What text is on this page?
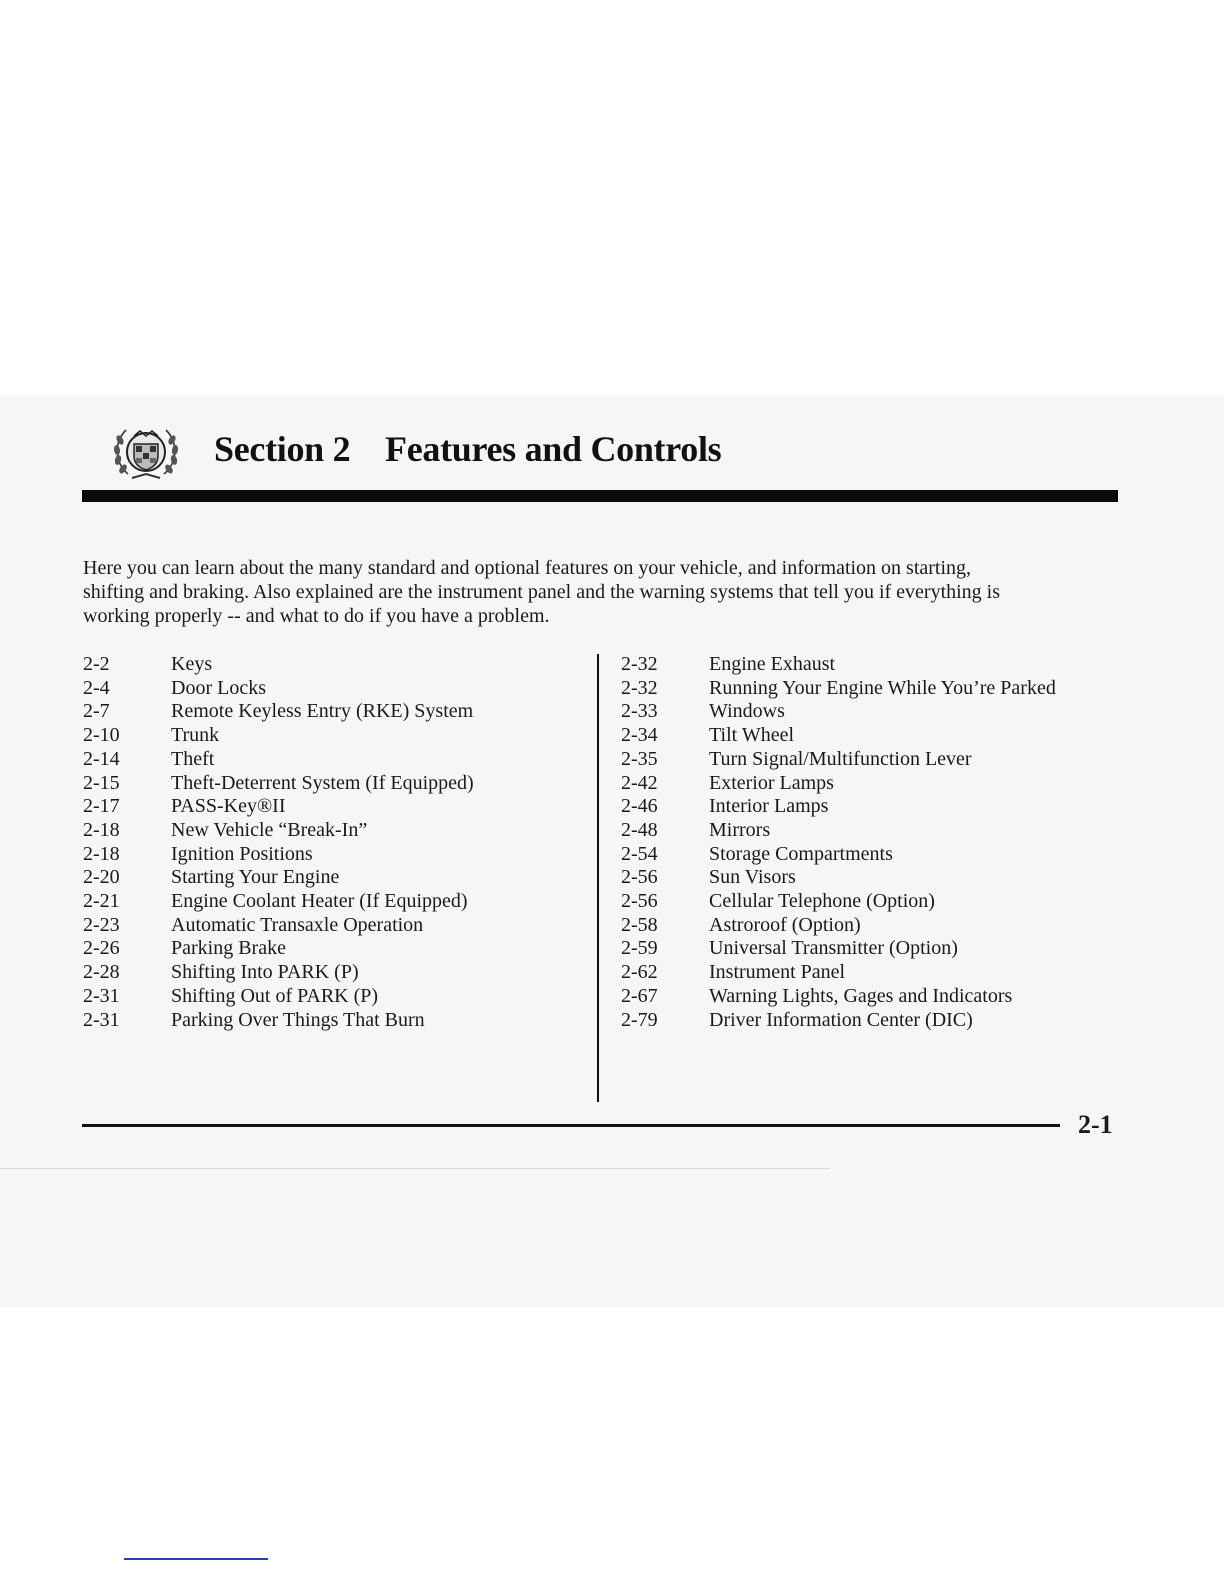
Section 2 Features and Controls
Here you can learn about the many standard and optional features on your vehicle, and information on starting,
shifting and braking. Also explained are the instrument panel and the warning systems that tell you if everything is
working properly -- and what to do if you have a problem.
2-2	Keys
2-4	Door Locks
2-7	Remote Keyless Entry (RKE) System
2-10	Trunk
2-14	Theft
2-15	Theft-Deterrent System (If Equipped)
2-17	PASS-Key®II
2-18	New Vehicle “Break-In”
2-18	Ignition Positions
2-20	Starting Your Engine
2-21	Engine Coolant Heater (If Equipped)
2-23	Automatic Transaxle Operation
2-26	Parking Brake
2-28	Shifting Into PARK (P)
2-31	Shifting Out of PARK (P)
2-31	Parking Over Things That Burn
2-32	Engine Exhaust
2-32	Running Your Engine While You’re Parked
2-33	Windows
2-34	Tilt Wheel
2-35	Turn Signal/Multifunction Lever
2-42	Exterior Lamps
2-46	Interior Lamps
2-48	Mirrors
2-54	Storage Compartments
2-56	Sun Visors
2-56	Cellular Telephone (Option)
2-58	Astroroof (Option)
2-59	Universal Transmitter (Option)
2-62	Instrument Panel
2-67	Warning Lights, Gages and Indicators
2-79	Driver Information Center (DIC)
2-1
